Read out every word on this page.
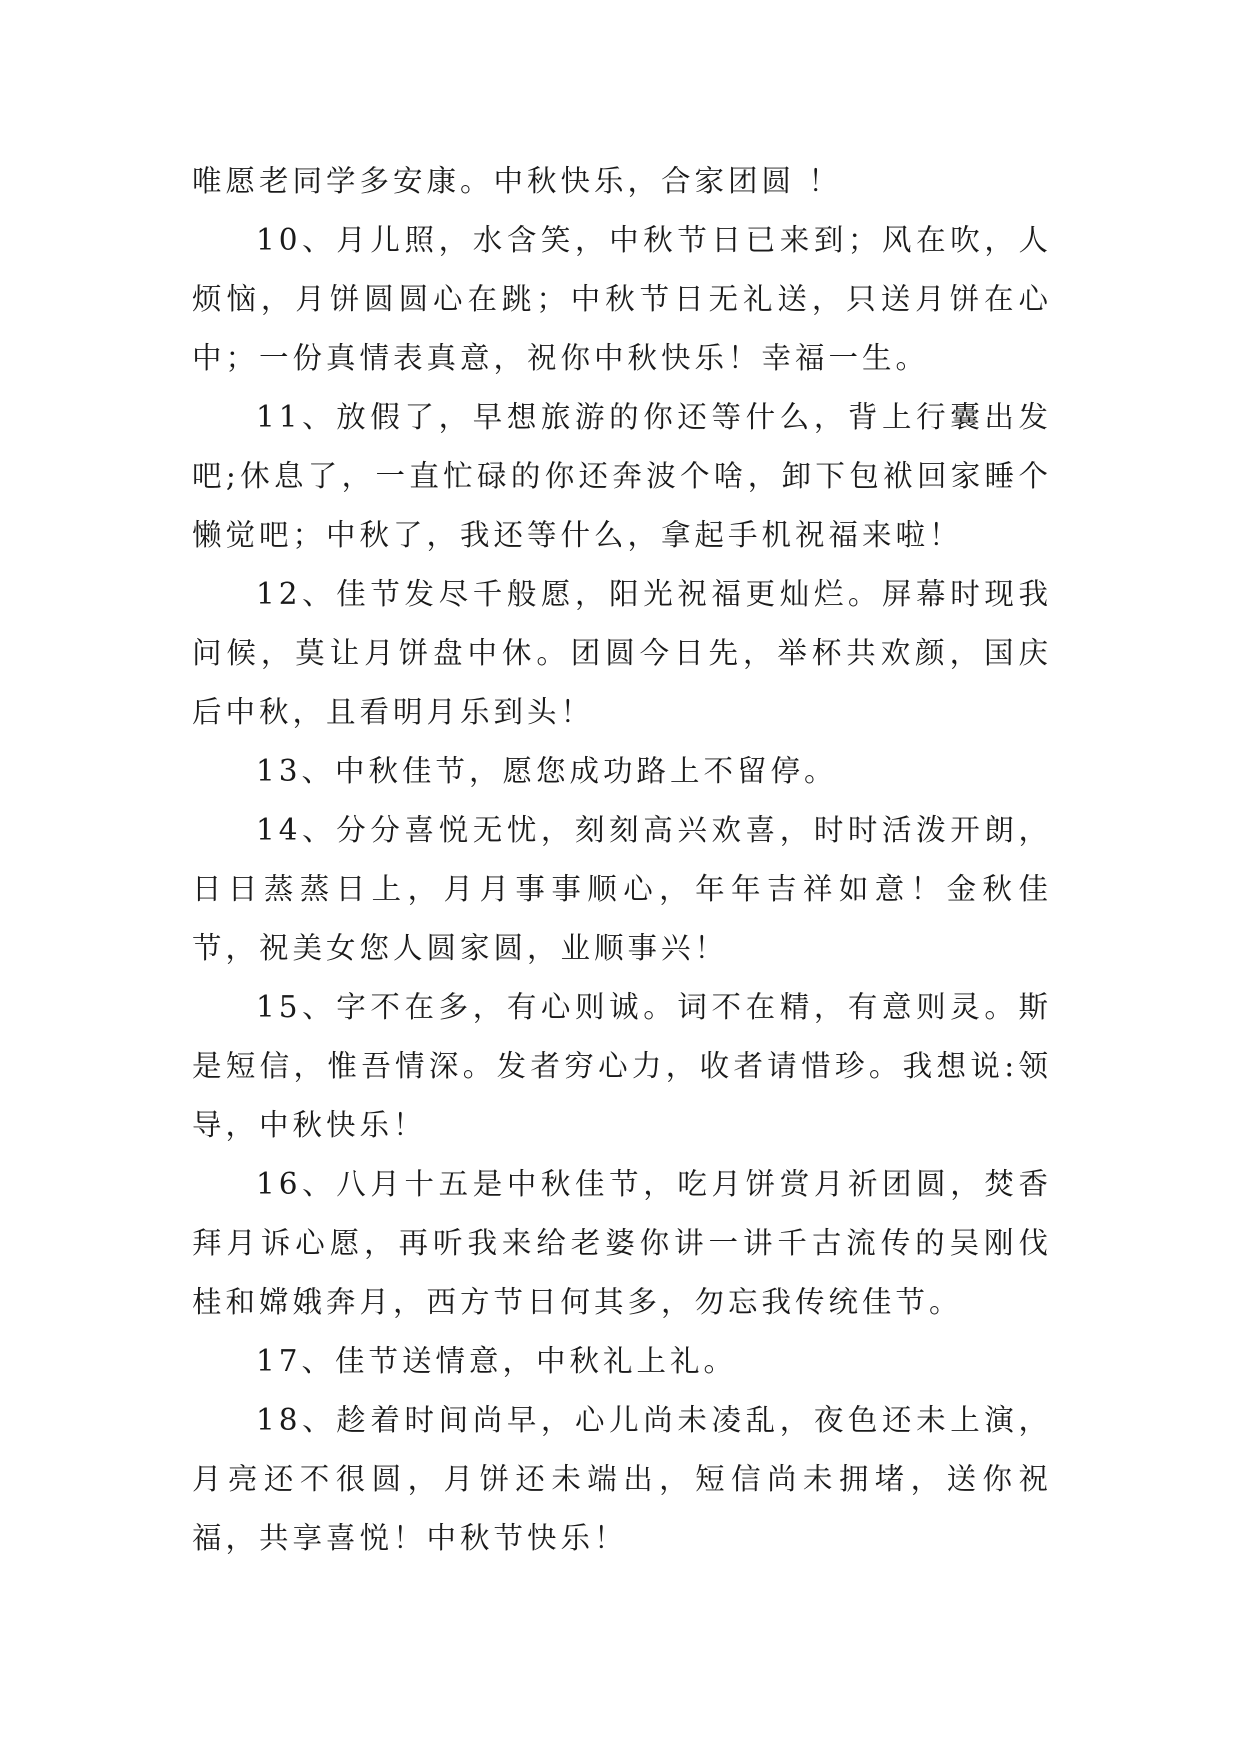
唯愿老同学多安康。中秋快乐，合家团圆 ！

10、月儿照，水含笑，中秋节日已来到；风在吹，人烦恼，月饼圆圆心在跳；中秋节日无礼送，只送月饼在心中；一份真情表真意，祝你中秋快乐！幸福一生。

11、放假了，早想旅游的你还等什么，背上行囊出发吧;休息了，一直忙碌的你还奔波个啥，卸下包袱回家睡个懒觉吧；中秋了，我还等什么，拿起手机祝福来啦！

12、佳节发尽千般愿，阳光祝福更灿烂。屏幕时现我问候，莫让月饼盘中休。团圆今日先，举杯共欢颜，国庆后中秋，且看明月乐到头！

13、中秋佳节，愿您成功路上不留停。

14、分分喜悦无忧，刻刻高兴欢喜，时时活泼开朗，日日蒸蒸日上，月月事事顺心，年年吉祥如意！金秋佳节，祝美女您人圆家圆，业顺事兴！

15、字不在多，有心则诚。词不在精，有意则灵。斯是短信，惟吾情深。发者穷心力，收者请惜珍。我想说:领导，中秋快乐！

16、八月十五是中秋佳节，吃月饼赏月祈团圆，焚香拜月诉心愿，再听我来给老婆你讲一讲千古流传的吴刚伐桂和嫦娥奔月，西方节日何其多，勿忘我传统佳节。

17、佳节送情意，中秋礼上礼。

18、趁着时间尚早，心儿尚未凌乱，夜色还未上演，月亮还不很圆，月饼还未端出，短信尚未拥堵，送你祝福，共享喜悦！中秋节快乐！
